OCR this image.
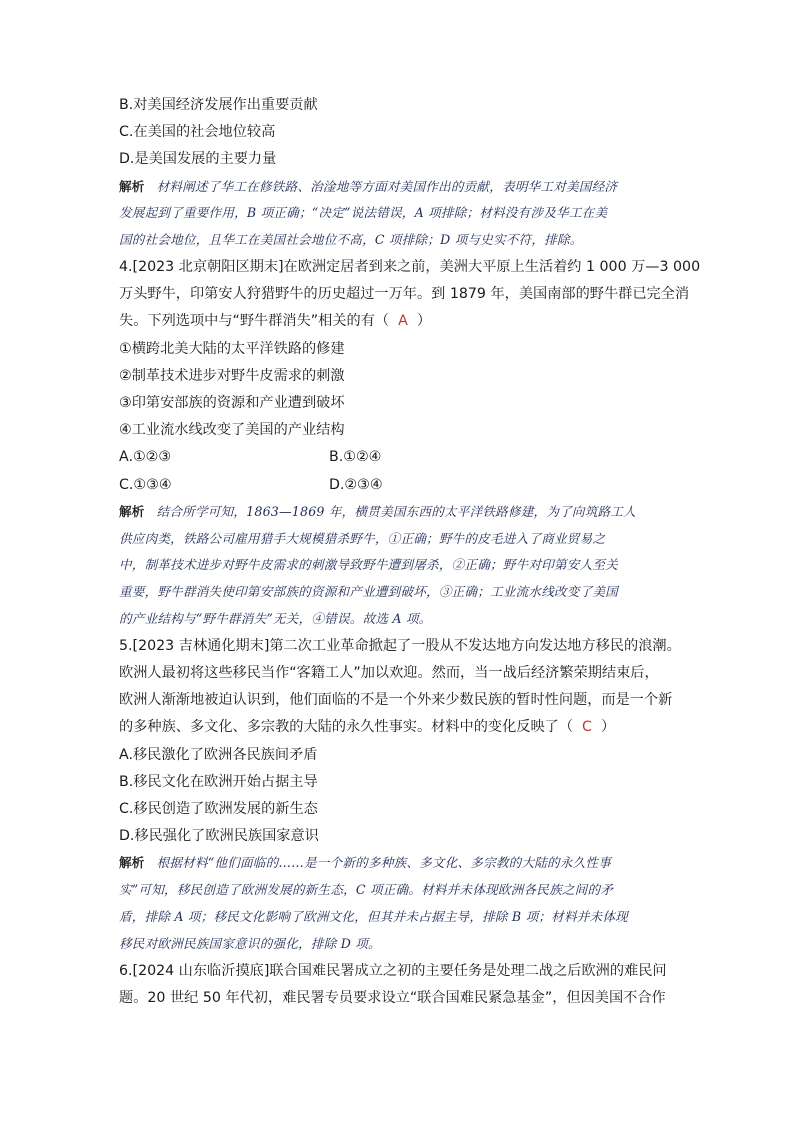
B.对美国经济发展作出重要贡献
C.在美国的社会地位较高
D.是美国发展的主要力量
解析 材料阐述了华工在修铁路、治淦地等方面对美国作出的贡献，表明华工对美国经济
发展起到了重要作用，B 项正确；“决定”说法错误，A 项排除；材料没有涉及华工在美
国的社会地位，且华工在美国社会地位不高，C 项排除；D 项与史实不符，排除。
4.[2023 北京朝阳区期末]在欧洲定居者到来之前，美洲大平原上生活着约 1 000 万—3 000
万头野牛，印第安人狩猎野牛的历史超过一万年。到 1879 年，美国南部的野牛群已完全消
失。下列选项中与“野牛群消失”相关的有（ A ）
①横跨北美大陆的太平洋铁路的修建
②制革技术进步对野牛皮需求的刺激
③印第安部族的资源和产业遭到破坏
④工业流水线改变了美国的产业结构
A.①②③	B.①②④
C.①③④	D.②③④
解析 结合所学可知，1863—1869 年，横贯美国东西的太平洋铁路修建，为了向筑路工人
供应肉类，铁路公司雇用猎手大规模猎杀野牛，①正确；野牛的皮毛进入了商业贸易之
中，制革技术进步对野牛皮需求的刺激导致野牛遭到屠杀，②正确；野牛对印第安人至关
重要，野牛群消失使印第安部族的资源和产业遭到破坏，③正确；工业流水线改变了美国
的产业结构与“野牛群消失”无关，④错误。故选 A 项。
5.[2023 吉林通化期末]第二次工业革命掀起了一股从不发达地方向发达地方移民的浪潮。
欧洲人最初将这些移民当作“客籍工人”加以欢迎。然而，当一战后经济繁荣期结束后，
欧洲人渐渐地被迫认识到，他们面临的不是一个外来少数民族的暂时性问题，而是一个新
的多种族、多文化、多宗教的大陆的永久性事实。材料中的变化反映了（ C ）
A.移民激化了欧洲各民族间矛盾
B.移民文化在欧洲开始占据主导
C.移民创造了欧洲发展的新生态
D.移民强化了欧洲民族国家意识
解析 根据材料“他们面临的……是一个新的多种族、多文化、多宗教的大陆的永久性事
实”可知，移民创造了欧洲发展的新生态，C 项正确。材料并未体现欧洲各民族之间的矛
盾，排除 A 项；移民文化影响了欧洲文化，但其并未占据主导，排除 B 项；材料并未体现
移民对欧洲民族国家意识的强化，排除 D 项。
6.[2024 山东临沂摸底]联合国难民署成立之初的主要任务是处理二战之后欧洲的难民问
题。20 世纪 50 年代初，难民署专员要求设立“联合国难民紧急基金”，但因美国不合作
